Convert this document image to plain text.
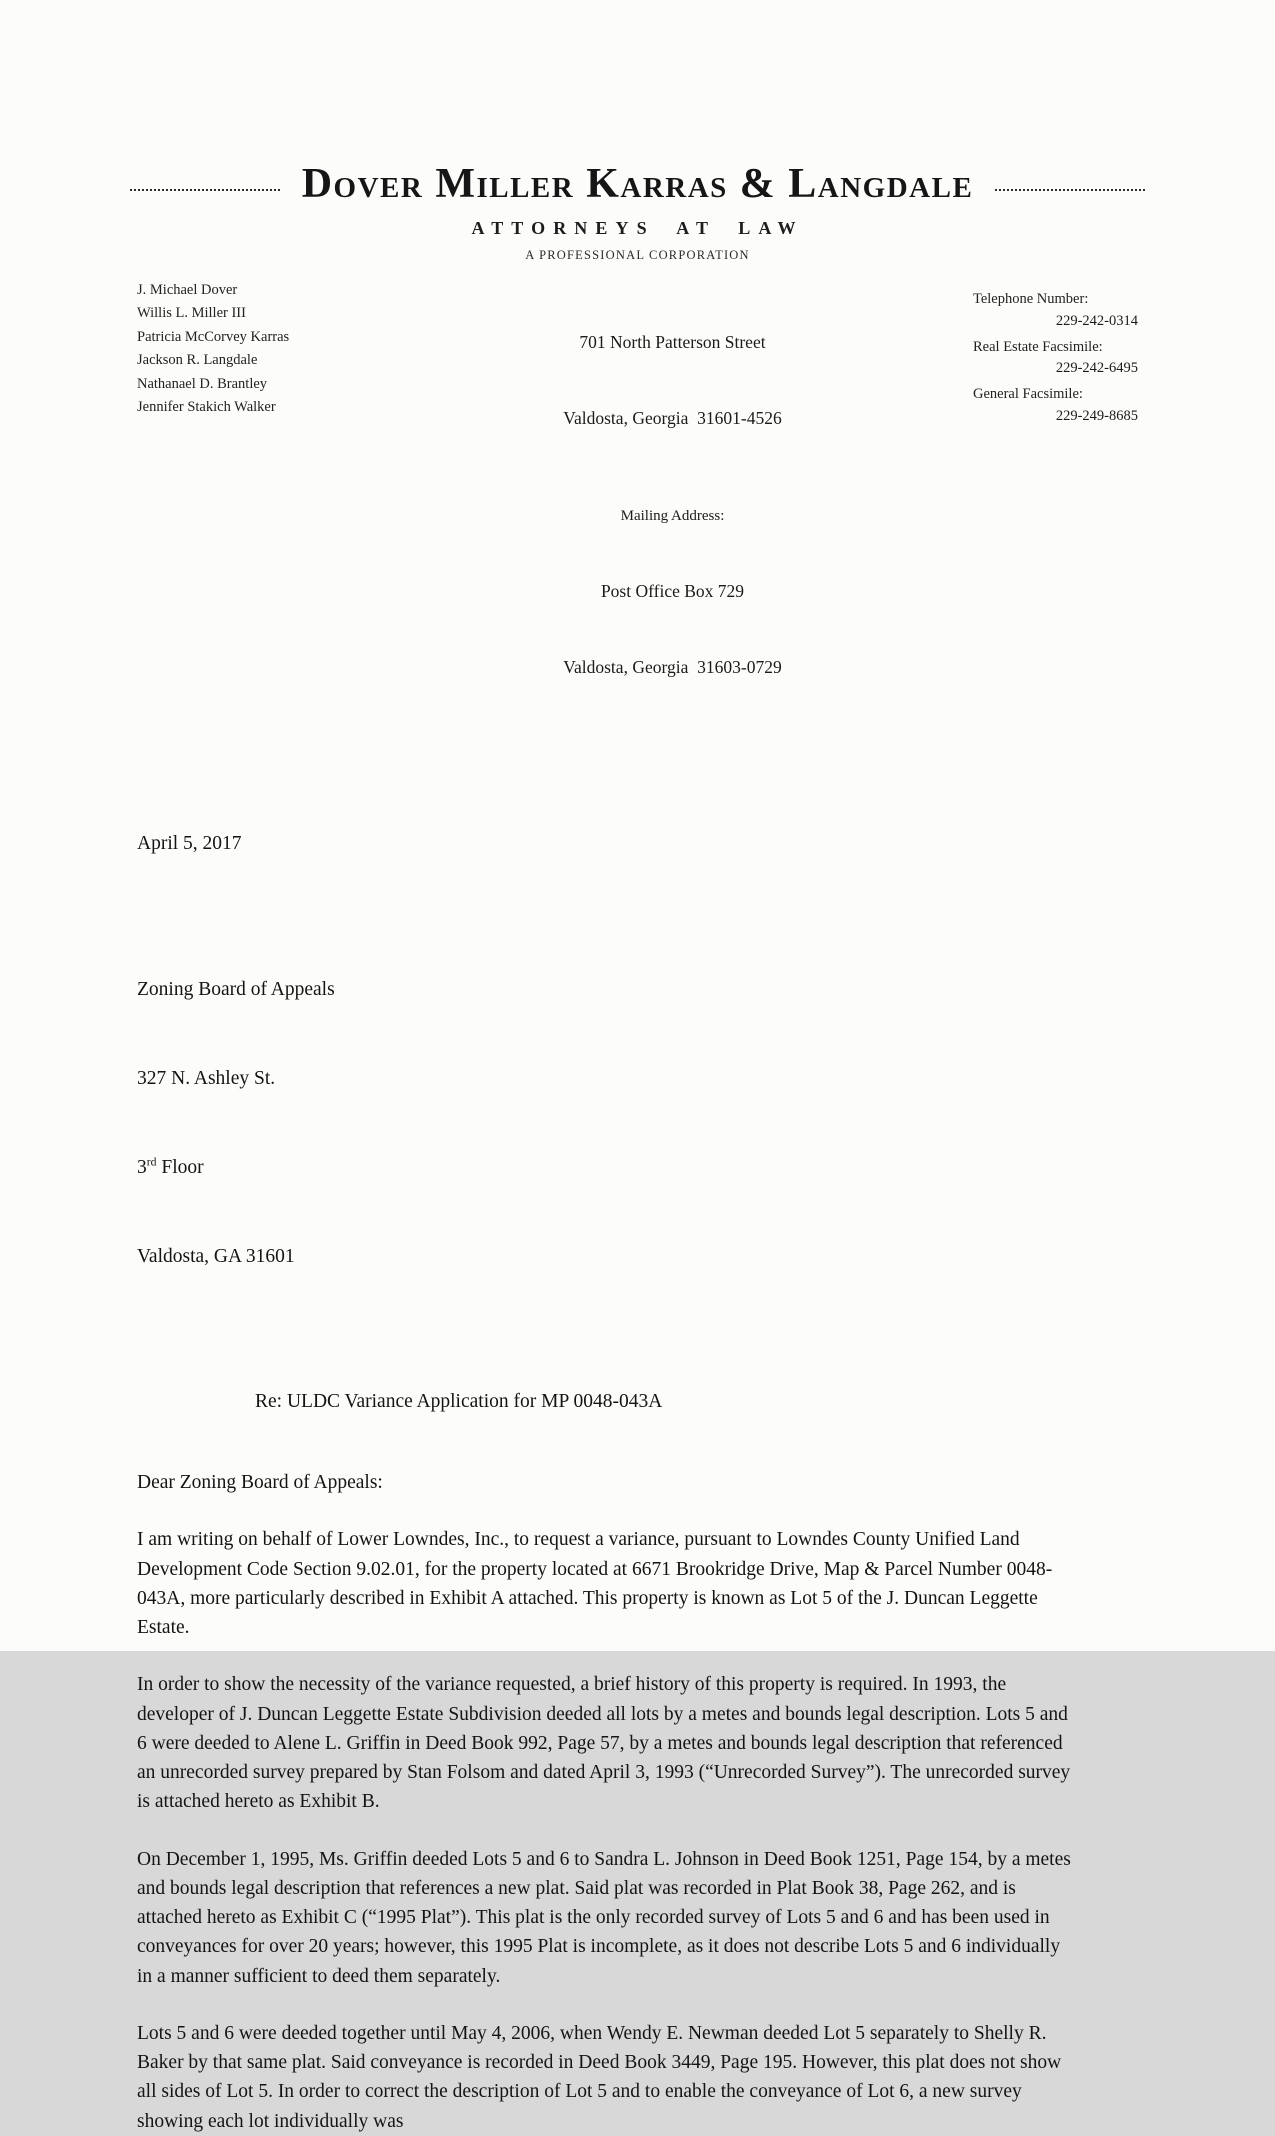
Dover Miller Karras & Langdale
ATTORNEYS AT LAW
A PROFESSIONAL CORPORATION
J. Michael Dover
Willis L. Miller III
Patricia McCorvey Karras
Jackson R. Langdale
Nathanael D. Brantley
Jennifer Stakich Walker

701 North Patterson Street

Valdosta, Georgia  31601-4526

Mailing Address:

Post Office Box 729

Valdosta, Georgia  31603-0729

Telephone Number:
229-242-0314
Real Estate Facsimile:
229-242-6495
General Facsimile:
229-249-8685

April 5, 2017

Zoning Board of Appeals

327 N. Ashley St.

3rd Floor

Valdosta, GA 31601

Re: ULDC Variance Application for MP 0048-043A

Dear Zoning Board of Appeals:

I am writing on behalf of Lower Lowndes, Inc., to request a variance, pursuant to Lowndes County Unified Land Development Code Section 9.02.01, for the property located at 6671 Brookridge Drive, Map & Parcel Number 0048-043A, more particularly described in Exhibit A attached. This property is known as Lot 5 of the J. Duncan Leggette Estate.

In order to show the necessity of the variance requested, a brief history of this property is required. In 1993, the developer of J. Duncan Leggette Estate Subdivision deeded all lots by a metes and bounds legal description. Lots 5 and 6 were deeded to Alene L. Griffin in Deed Book 992, Page 57, by a metes and bounds legal description that referenced an unrecorded survey prepared by Stan Folsom and dated April 3, 1993 (“Unrecorded Survey”). The unrecorded survey is attached hereto as Exhibit B.

On December 1, 1995, Ms. Griffin deeded Lots 5 and 6 to Sandra L. Johnson in Deed Book 1251, Page 154, by a metes and bounds legal description that references a new plat. Said plat was recorded in Plat Book 38, Page 262, and is attached hereto as Exhibit C (“1995 Plat”). This plat is the only recorded survey of Lots 5 and 6 and has been used in conveyances for over 20 years; however, this 1995 Plat is incomplete, as it does not describe Lots 5 and 6 individually in a manner sufficient to deed them separately.

Lots 5 and 6 were deeded together until May 4, 2006, when Wendy E. Newman deeded Lot 5 separately to Shelly R. Baker by that same plat. Said conveyance is recorded in Deed Book 3449, Page 195. However, this plat does not show all sides of Lot 5. In order to correct the description of Lot 5 and to enable the conveyance of Lot 6, a new survey showing each lot individually was
